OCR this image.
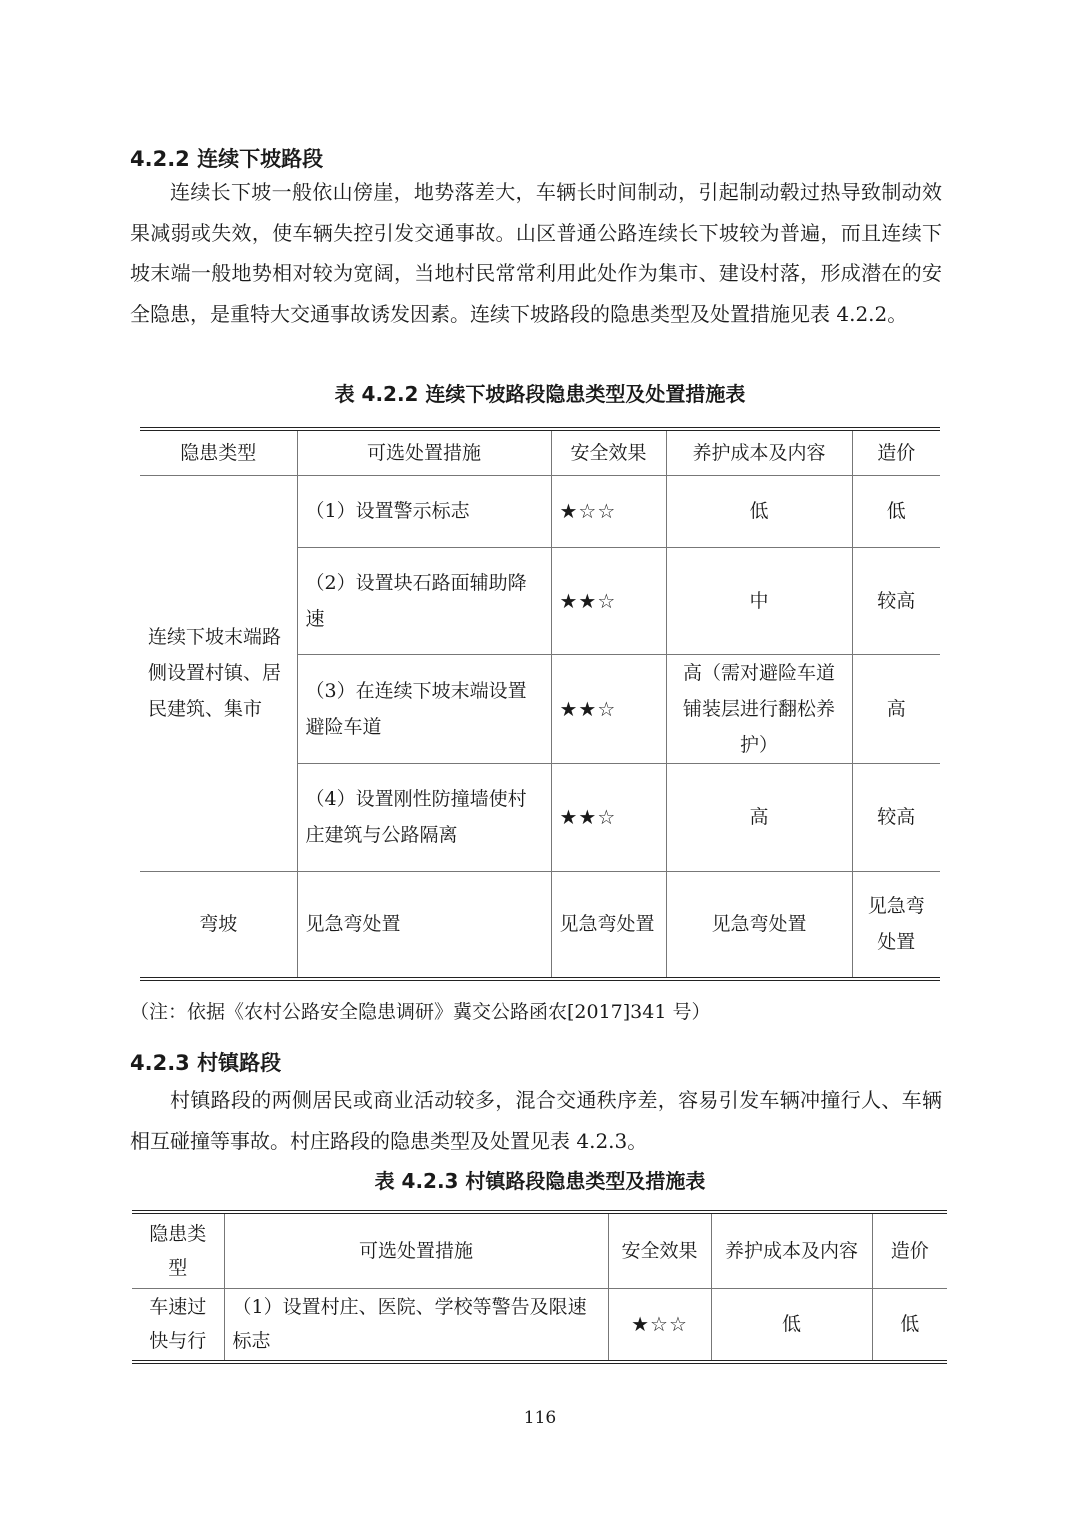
4.2.2 连续下坡路段

连续长下坡一般依山傍崖，地势落差大，车辆长时间制动，引起制动毂过热导致制动效果减弱或失效，使车辆失控引发交通事故。山区普通公路连续长下坡较为普遍，而且连续下坡末端一般地势相对较为宽阔，当地村民常常利用此处作为集市、建设村落，形成潜在的安全隐患，是重特大交通事故诱发因素。连续下坡路段的隐患类型及处置措施见表 4.2.2。

表 4.2.2 连续下坡路段隐患类型及处置措施表
隐患类型	可选处置措施	安全效果	养护成本及内容	造价
连续下坡末端路侧设置村镇、居民建筑、集市	（1）设置警示标志	★☆☆	低	低
	（2）设置块石路面辅助降速	★★☆	中	较高
	（3）在连续下坡末端设置避险车道	★★☆	高（需对避险车道铺装层进行翻松养护）	高
	（4）设置刚性防撞墙使村庄建筑与公路隔离	★★☆	高	较高
弯坡	见急弯处置	见急弯处置	见急弯处置	见急弯处置
（注：依据《农村公路安全隐患调研》冀交公路函农[2017]341 号）
4.2.3 村镇路段

村镇路段的两侧居民或商业活动较多，混合交通秩序差，容易引发车辆冲撞行人、车辆相互碰撞等事故。村庄路段的隐患类型及处置见表 4.2.3。

表 4.2.3 村镇路段隐患类型及措施表
隐患类型	可选处置措施	安全效果	养护成本及内容	造价
车速过快与行	（1）设置村庄、医院、学校等警告及限速标志	★☆☆	低	低
116
